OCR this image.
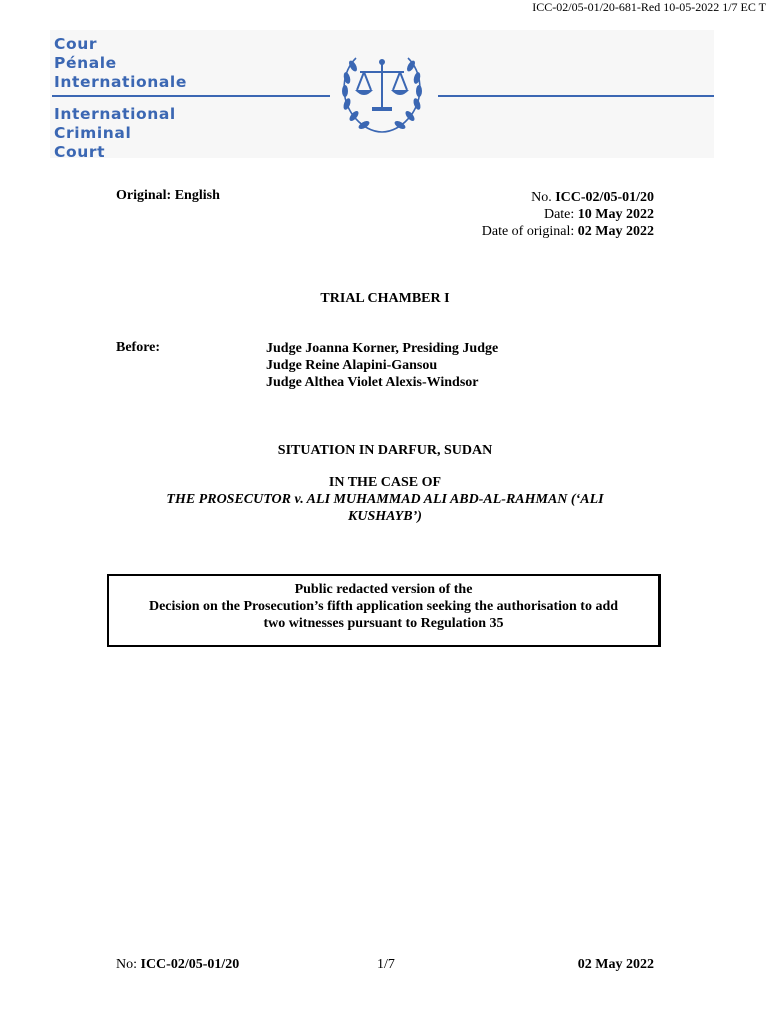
ICC-02/05-01/20-681-Red 10-05-2022 1/7 EC T
Cour
Pénale
Internationale
International
Criminal
Court
Original: English	No. ICC-02/05-01/20
Date: 10 May 2022
Date of original: 02 May 2022
TRIAL CHAMBER I
Before:	Judge Joanna Korner, Presiding Judge
Judge Reine Alapini-Gansou
Judge Althea Violet Alexis-Windsor
SITUATION IN DARFUR, SUDAN
IN THE CASE OF
THE PROSECUTOR v. ALI MUHAMMAD ALI ABD-AL-RAHMAN (‘ALI
KUSHAYB’)
Public redacted version of the
Decision on the Prosecution’s fifth application seeking the authorisation to add
two witnesses pursuant to Regulation 35
No: ICC-02/05-01/20	1/7	02 May 2022
